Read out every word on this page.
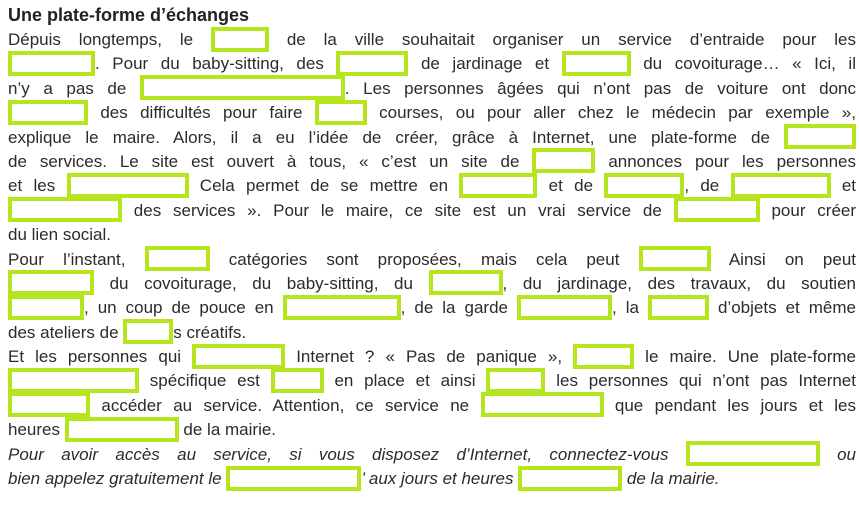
Une plate-forme d’échanges
Dépuis longtemps, le	de la ville souhaitait organiser un service d’entraide pour les
. Pour du baby-sitting, des	de jardinage et	du covoiturage… « Ici, il
n’y a pas de	. Les personnes âgées qui n’ont pas de voiture ont donc
des difficultés pour faire	courses, ou pour aller chez le médecin par exemple »,
explique le maire. Alors, il a eu l’idée de créer, grâce à Internet, une plate-forme de
de services. Le site est ouvert à tous, « c’est un site de	annonces pour les personnes
et les	Cela permet de se mettre en	et de	, de	et
des services ». Pour le maire, ce site est un vrai service de	pour créer
du lien social.
Pour l’instant,	catégories sont proposées, mais cela peut	Ainsi on peut
du covoiturage, du baby-sitting, du	, du jardinage, des travaux, du soutien
, un coup de pouce en	, de la garde	, la	d’objets et même
des ateliers de	s créatifs.
Et les personnes qui	Internet ? « Pas de panique »,	le maire. Une plate-forme
spécifique est	en place et ainsi	les personnes qui n’ont pas Internet
accéder au service. Attention, ce service ne	que pendant les jours et les
heures	de la mairie.
Pour avoir accès au service, si vous disposez d’Internet, connectez-vous	ou
bien appelez gratuitement le	’ aux jours et heures	de la mairie.
